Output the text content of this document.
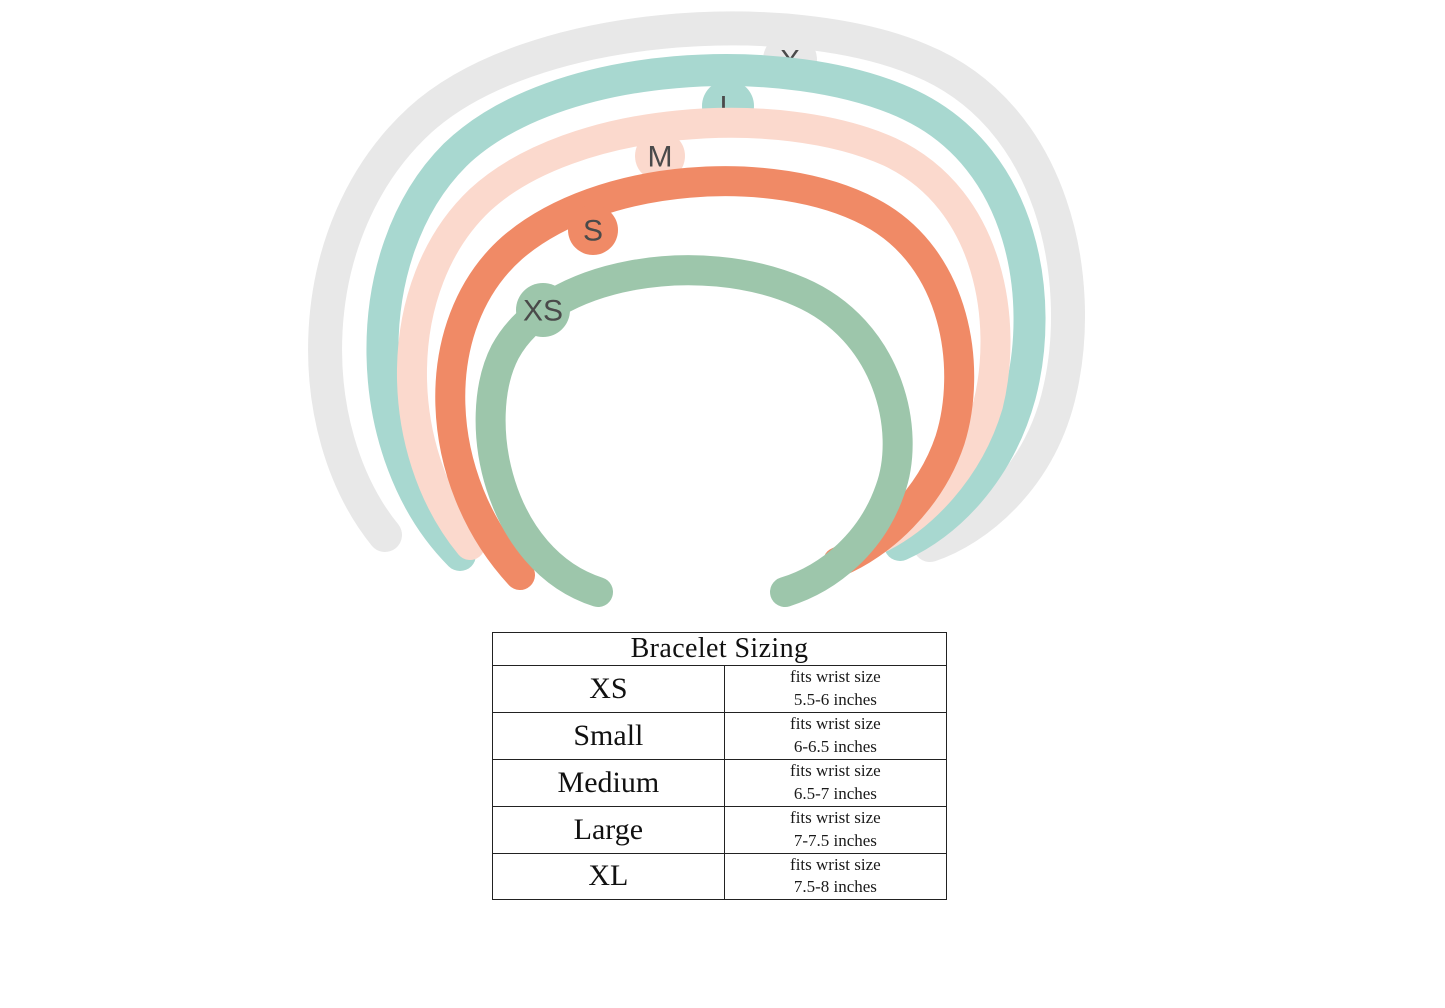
X
L
M
S
XS
Bracelet Sizing	
XS	fits wrist size
5.5-6 inches

Small	fits wrist size
6-6.5 inches

Medium	fits wrist size
6.5-7 inches

Large	fits wrist size
7-7.5 inches

XL	fits wrist size
7.5-8 inches
